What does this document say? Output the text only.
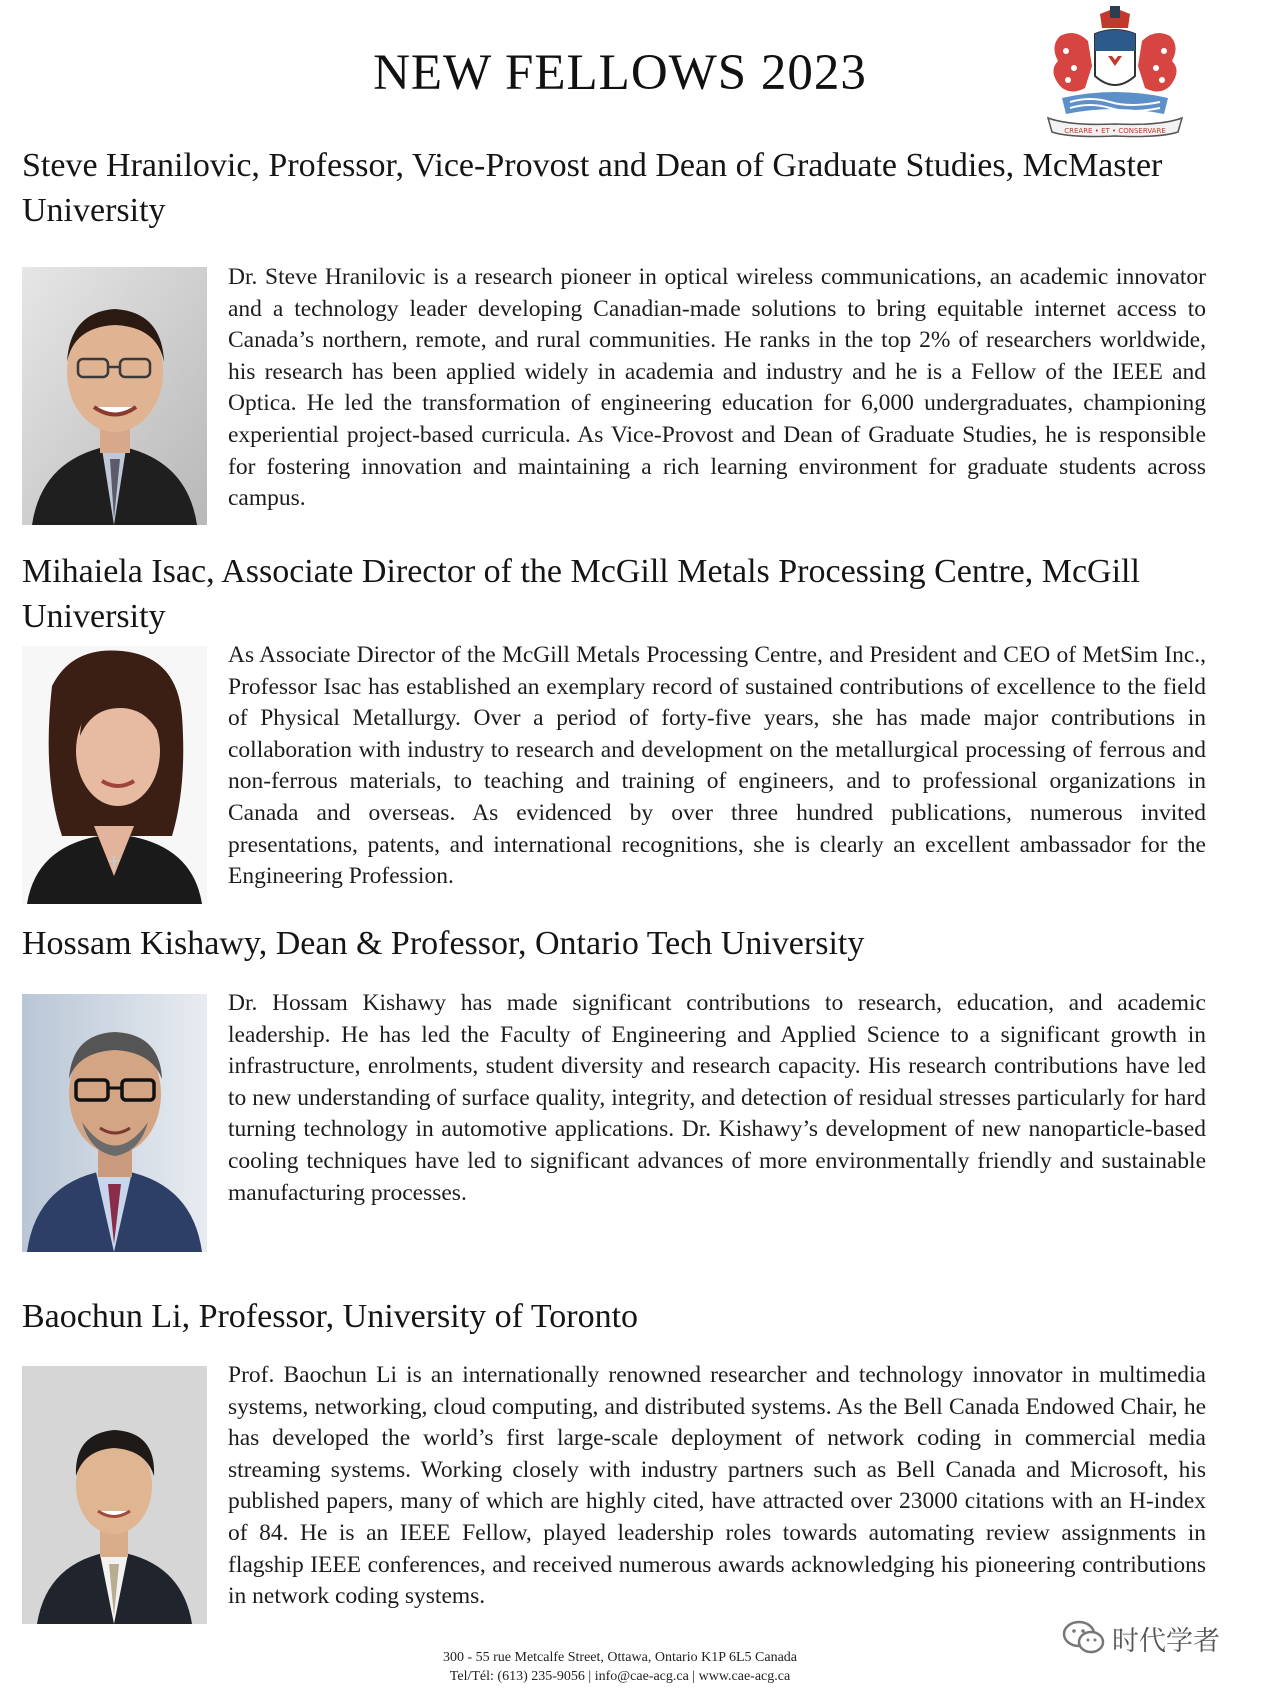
NEW FELLOWS 2023
CREARE • ET • CONSERVARE
Steve Hranilovic, Professor, Vice-Provost and Dean of Graduate Studies, McMaster University

Dr. Steve Hranilovic is a research pioneer in optical wireless communications, an academic innovator and a technology leader developing Canadian-made solutions to bring equitable internet access to Canada’s northern, remote, and rural communities. He ranks in the top 2% of researchers worldwide, his research has been applied widely in academia and industry and he is a Fellow of the IEEE and Optica. He led the transformation of engineering education for 6,000 undergraduates, championing experiential project-based curricula. As Vice-Provost and Dean of Graduate Studies, he is responsible for fostering innovation and maintaining a rich learning environment for graduate students across campus.

Mihaiela Isac, Associate Director of the McGill Metals Processing Centre, McGill University

As Associate Director of the McGill Metals Processing Centre, and President and CEO of MetSim Inc., Professor Isac has established an exemplary record of sustained contributions of excellence to the field of Physical Metallurgy. Over a period of forty-five years, she has made major contributions in collaboration with industry to research and development on the metallurgical processing of ferrous and non-ferrous materials, to teaching and training of engineers, and to professional organizations in Canada and overseas. As evidenced by over three hundred publications, numerous invited presentations, patents, and international recognitions, she is clearly an excellent ambassador for the Engineering Profession.

Hossam Kishawy, Dean & Professor, Ontario Tech University

Dr. Hossam Kishawy has made significant contributions to research, education, and academic leadership. He has led the Faculty of Engineering and Applied Science to a significant growth in infrastructure, enrolments, student diversity and research capacity. His research contributions have led to new understanding of surface quality, integrity, and detection of residual stresses particularly for hard turning technology in automotive applications. Dr. Kishawy’s development of new nanoparticle-based cooling techniques have led to significant advances of more environmentally friendly and sustainable manufacturing processes.

Baochun Li, Professor, University of Toronto

Prof. Baochun Li is an internationally renowned researcher and technology innovator in multimedia systems, networking, cloud computing, and distributed systems. As the Bell Canada Endowed Chair, he has developed the world’s first large-scale deployment of network coding in commercial media streaming systems. Working closely with industry partners such as Bell Canada and Microsoft, his published papers, many of which are highly cited, have attracted over 23000 citations with an H-index of 84. He is an IEEE Fellow, played leadership roles towards automating review assignments in flagship IEEE conferences, and received numerous awards acknowledging his pioneering contributions in network coding systems.

300 - 55 rue Metcalfe Street, Ottawa, Ontario K1P 6L5 Canada
Tel/Tél: (613) 235-9056 | info@cae-acg.ca | www.cae-acg.ca
时代学者
